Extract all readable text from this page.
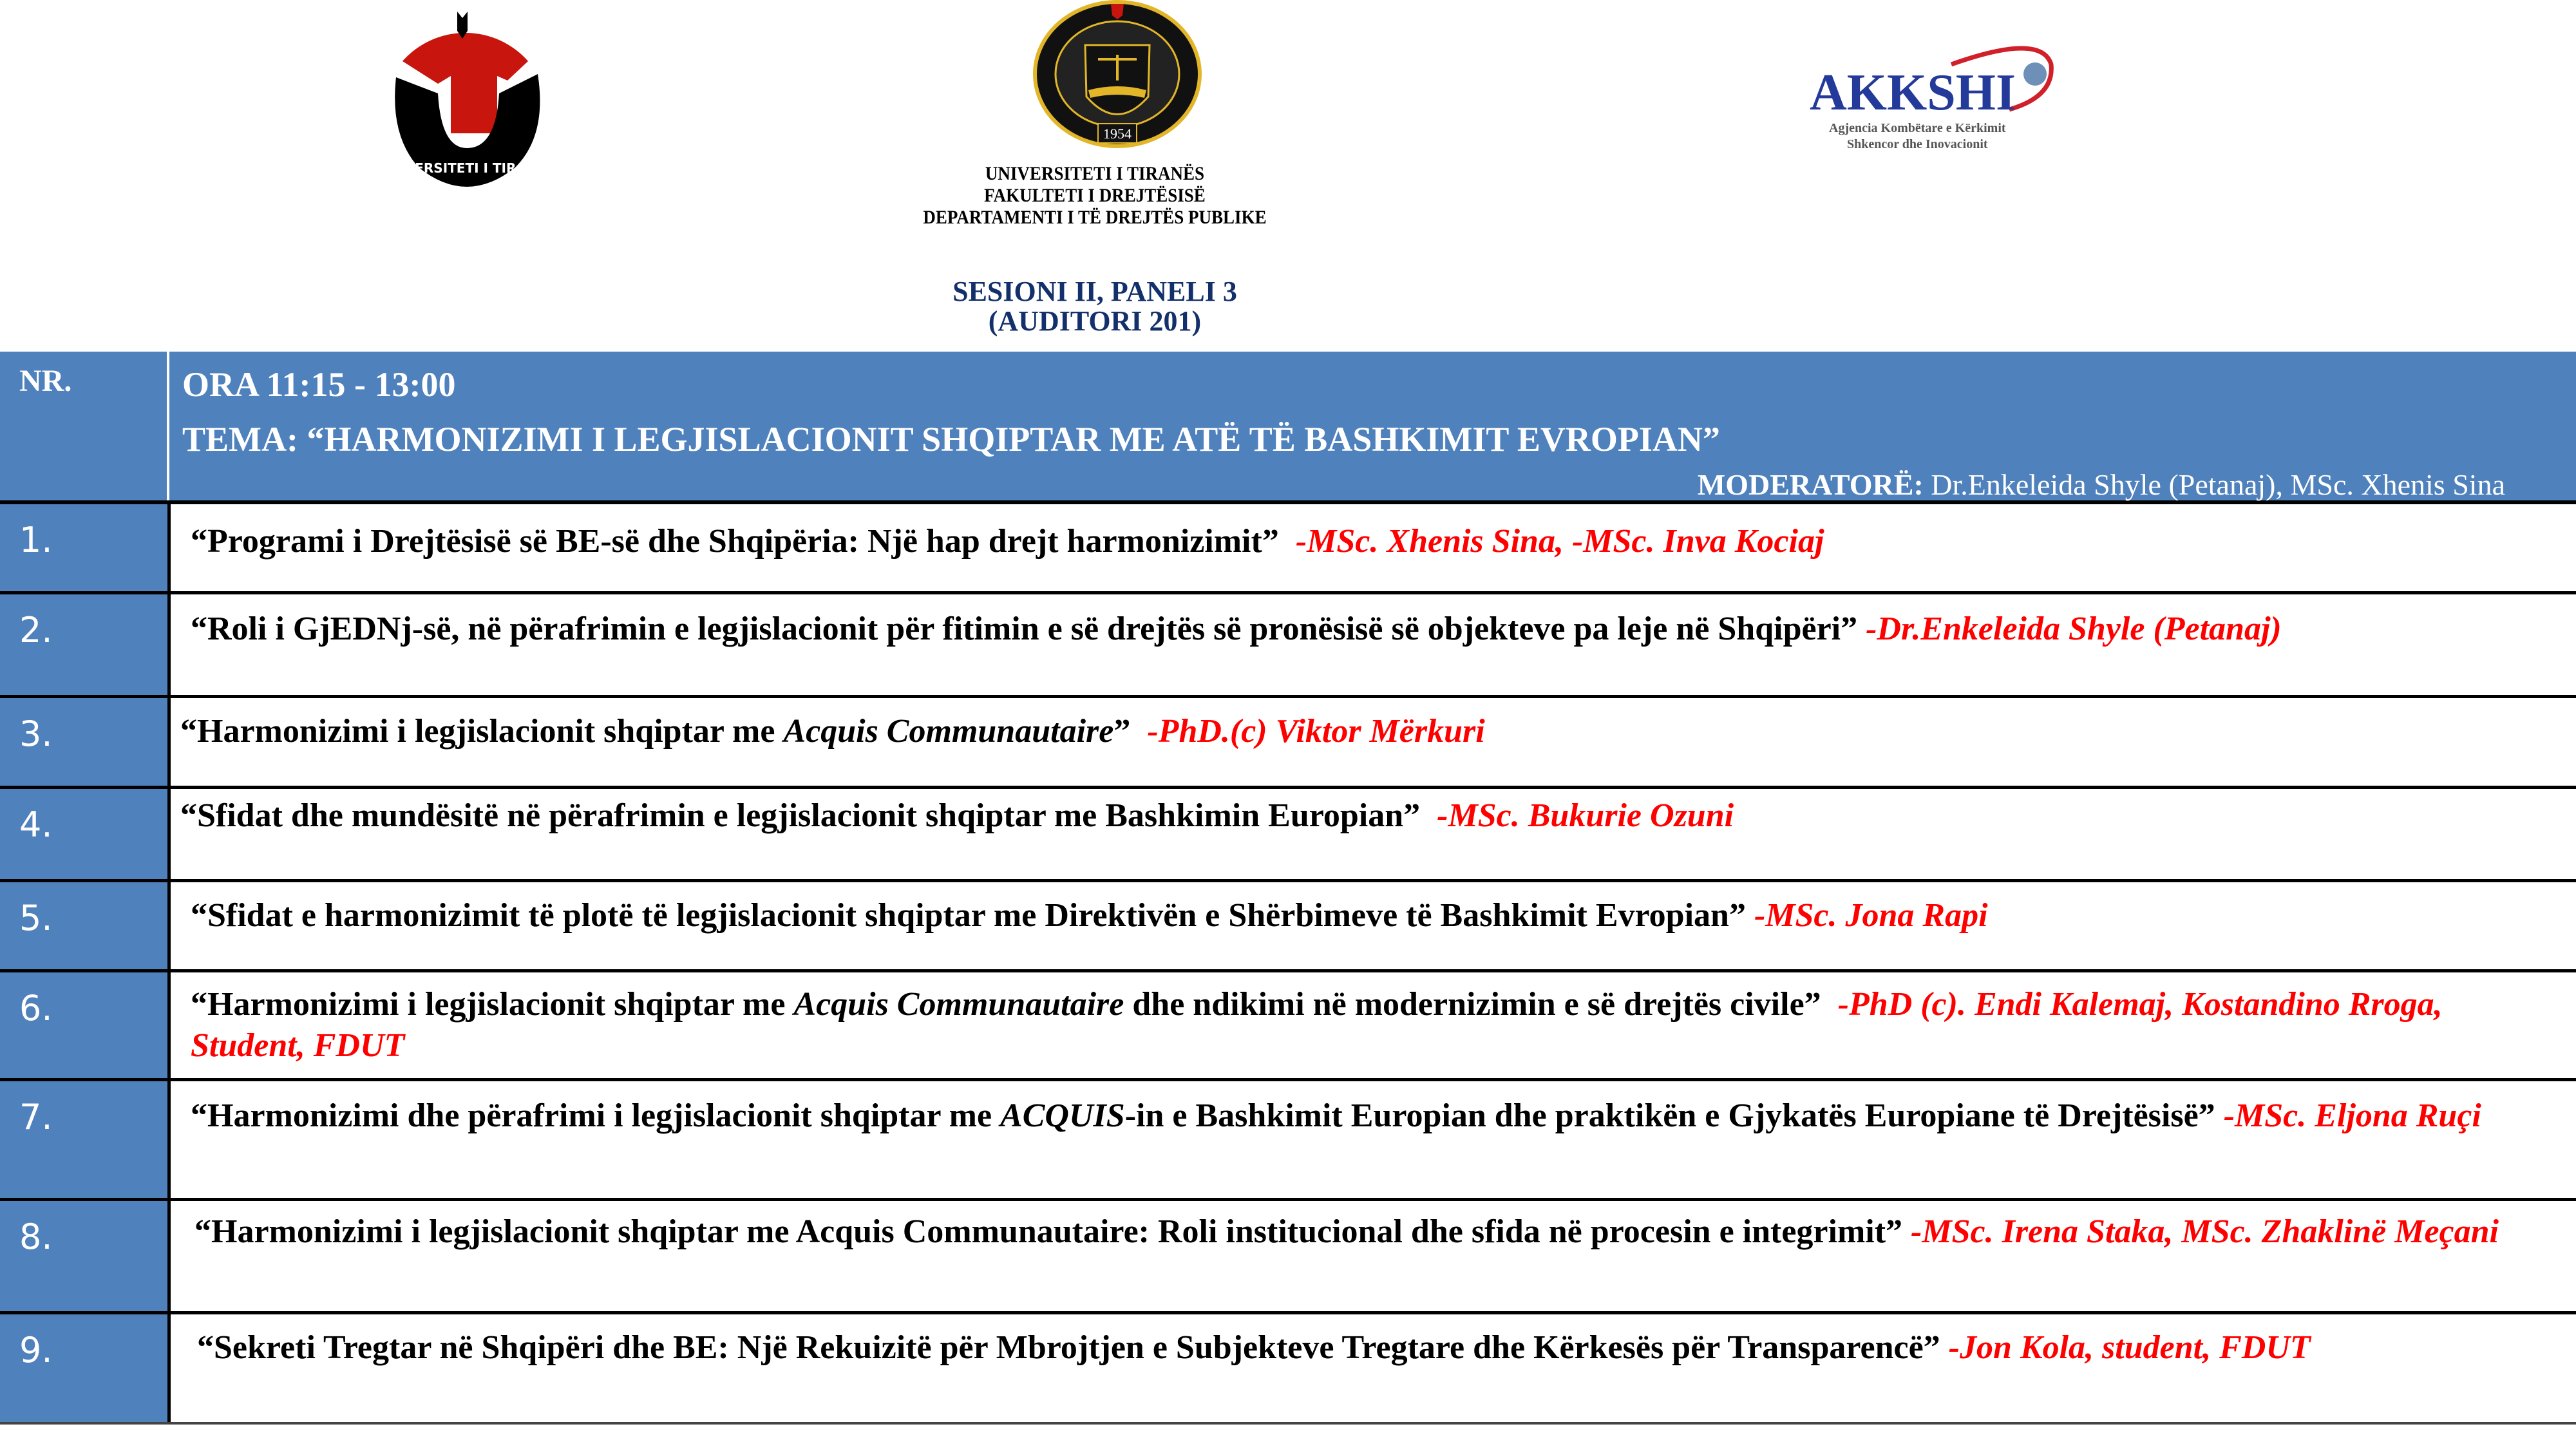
UNIVERSITETI I TIRANËS
1954
AKKSHI
Agjencia Kombëtare e Kërkimit
Shkencor dhe Inovacionit
UNIVERSITETI I TIRANËS
FAKULTETI I DREJTËSISË
DEPARTAMENTI I TË DREJTËS PUBLIKE
SESIONI II, PANELI 3
(AUDITORI 201)
NR.	ORA 11:15 - 13:00
TEMA: “HARMONIZIMI I LEGJISLACIONIT SHQIPTAR ME ATË TË BASHKIMIT EVROPIAN”
MODERATORË: Dr.Enkeleida Shyle (Petanaj), MSc. Xhenis Sina
1.	“Programi i Drejtësisë së BE-së dhe Shqipëria: Një hap drejt harmonizimit” -MSc. Xhenis Sina, -MSc. Inva Kociaj
2.	“Roli i GjEDNj-së, në përafrimin e legjislacionit për fitimin e së drejtës së pronësisë së objekteve pa leje në Shqipëri” -Dr.Enkeleida Shyle (Petanaj)
3.	“Harmonizimi i legjislacionit shqiptar me Acquis Communautaire” -PhD.(c) Viktor Mërkuri
4.	“Sfidat dhe mundësitë në përafrimin e legjislacionit shqiptar me Bashkimin Europian” -MSc. Bukurie Ozuni
5.	“Sfidat e harmonizimit të plotë të legjislacionit shqiptar me Direktivën e Shërbimeve të Bashkimit Evropian” -MSc. Jona Rapi
6.	“Harmonizimi i legjislacionit shqiptar me Acquis Communautaire dhe ndikimi në modernizimin e së drejtës civile” -PhD (c). Endi Kalemaj, Kostandino Rroga, Student, FDUT
7.	“Harmonizimi dhe përafrimi i legjislacionit shqiptar me ACQUIS-in e Bashkimit Europian dhe praktikën e Gjykatës Europiane të Drejtësisë” -MSc. Eljona Ruçi
8.	“Harmonizimi i legjislacionit shqiptar me Acquis Communautaire: Roli institucional dhe sfida në procesin e integrimit” -MSc. Irena Staka, MSc. Zhaklinë Meçani
9.	“Sekreti Tregtar në Shqipëri dhe BE: Një Rekuizitë për Mbrojtjen e Subjekteve Tregtare dhe Kërkesës për Transparencë” -Jon Kola, student, FDUT
